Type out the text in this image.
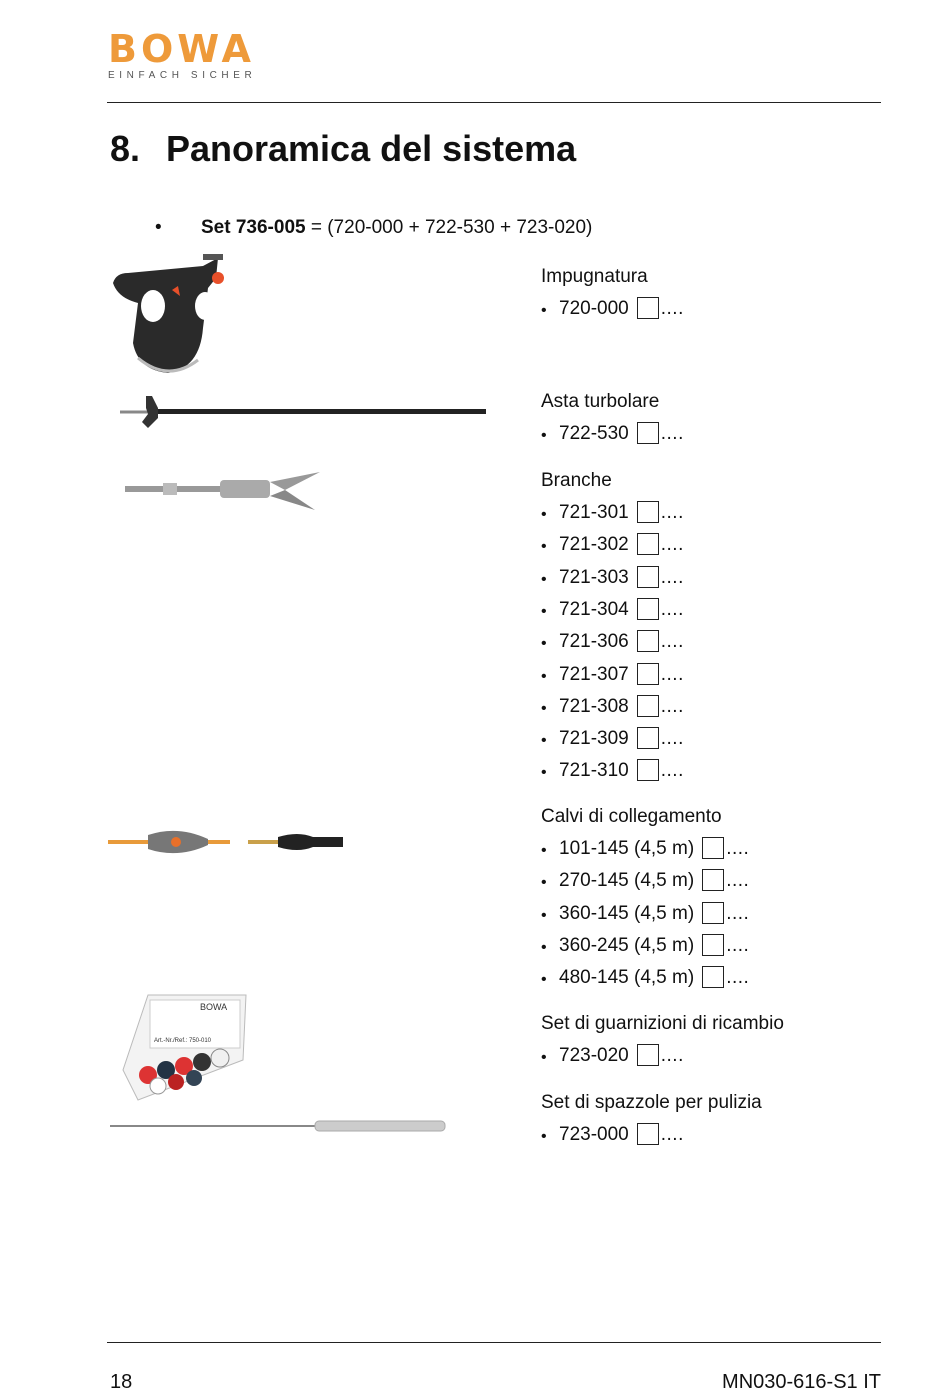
BOWA
EINFACH SICHER
8. Panoramica del sistema
• Set 736-005 = (720-000 + 722-530 + 723-020)
BOWA
Art.-Nr./Ref.: 750-010
Impugnatura
• 720-000 ....
Asta turbolare
• 722-530 ....
Branche
• 721-301 ....
• 721-302 ....
• 721-303 ....
• 721-304 ....
• 721-306 ....
• 721-307 ....
• 721-308 ....
• 721-309 ....
• 721-310 ....
Calvi di collegamento
• 101-145 (4,5 m) ....
• 270-145 (4,5 m) ....
• 360-145 (4,5 m) ....
• 360-245 (4,5 m) ....
• 480-145 (4,5 m) ....
Set di guarnizioni di ricambio
• 723-020 ....
Set di spazzole per pulizia
• 723-000 ....
18	MN030-616-S1 IT
